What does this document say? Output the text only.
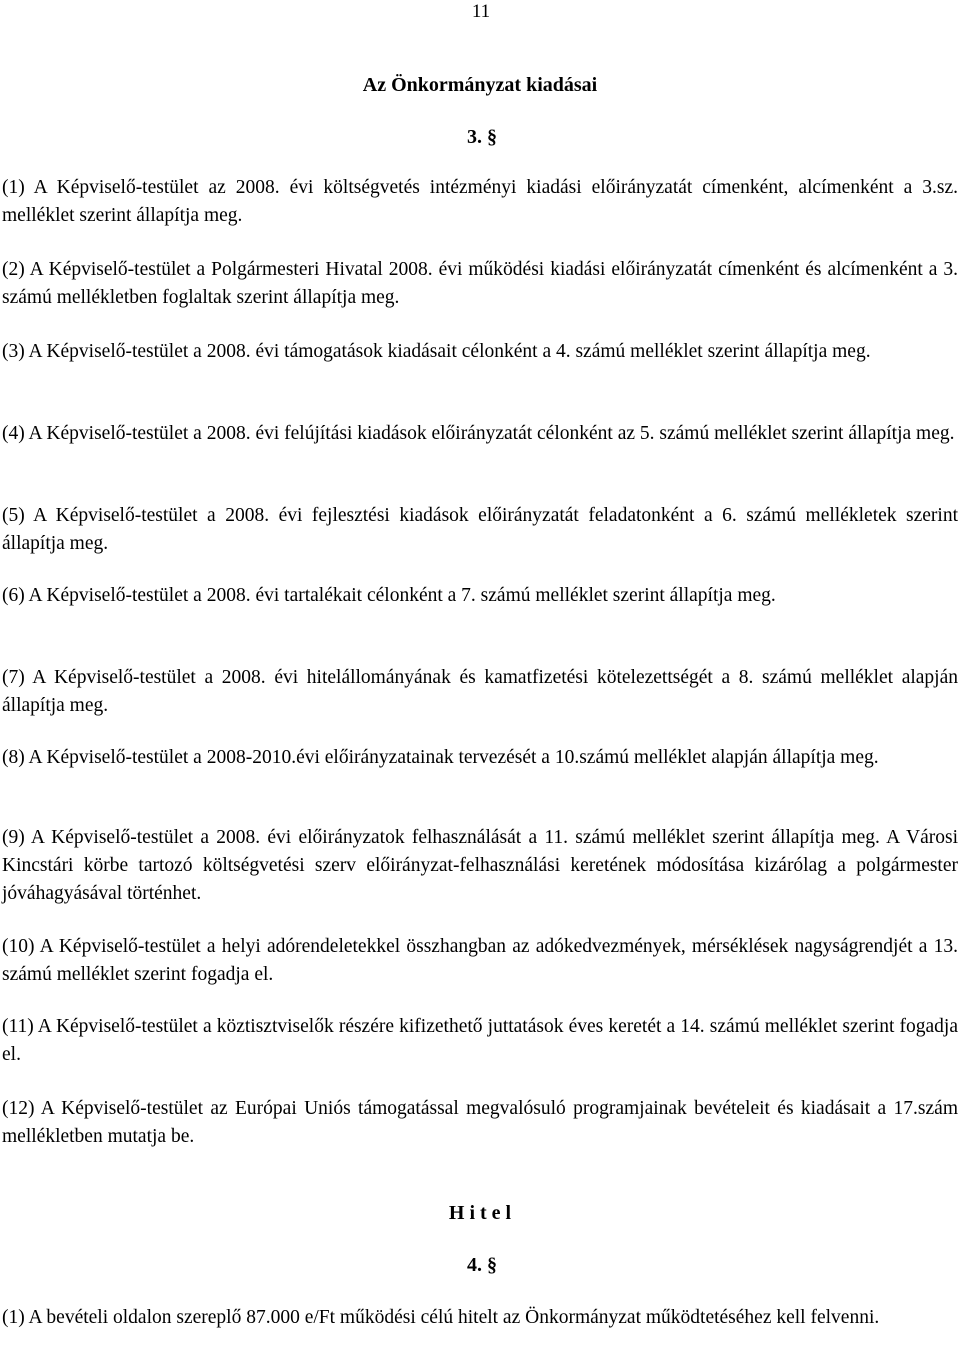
11
Az Önkormányzat kiadásai
3. §

(1) A Képviselő-testület az 2008. évi költségvetés intézményi kiadási előirányzatát címenként, alcímenként a 3.sz. melléklet szerint állapítja meg.

(2) A Képviselő-testület a Polgármesteri Hivatal 2008. évi működési kiadási előirányzatát címenként és alcímenként a 3. számú mellékletben foglaltak szerint állapítja meg.

(3) A Képviselő-testület a 2008. évi támogatások kiadásait célonként a 4. számú melléklet szerint állapítja meg.

(4) A Képviselő-testület a 2008. évi felújítási kiadások előirányzatát célonként az 5. számú melléklet szerint állapítja meg.

(5) A Képviselő-testület a 2008. évi fejlesztési kiadások előirányzatát feladatonként a 6. számú mellékletek szerint állapítja meg.

(6) A Képviselő-testület a 2008. évi tartalékait célonként a 7. számú melléklet szerint állapítja meg.

(7) A Képviselő-testület a 2008. évi hitelállományának és kamatfizetési kötelezettségét a 8. számú melléklet alapján állapítja meg.

(8) A Képviselő-testület a 2008-2010.évi előirányzatainak tervezését a 10.számú melléklet alapján állapítja meg.

(9) A Képviselő-testület a 2008. évi előirányzatok felhasználását a 11. számú melléklet szerint állapítja meg. A Városi Kincstári körbe tartozó költségvetési szerv előirányzat-felhasználási keretének módosítása kizárólag a polgármester jóváhagyásával történhet.

(10) A Képviselő-testület a helyi adórendeletekkel összhangban az adókedvezmények, mérséklések nagyságrendjét a 13. számú melléklet szerint fogadja el.

(11) A Képviselő-testület a köztisztviselők részére kifizethető juttatások éves keretét a 14. számú melléklet szerint fogadja el.

(12) A Képviselő-testület az Európai Uniós támogatással megvalósuló programjainak bevételeit és kiadásait a 17.szám mellékletben mutatja be.

H i t e l
4. §

(1) A bevételi oldalon szereplő 87.000 e/Ft működési célú hitelt az Önkormányzat működtetéséhez kell felvenni.
